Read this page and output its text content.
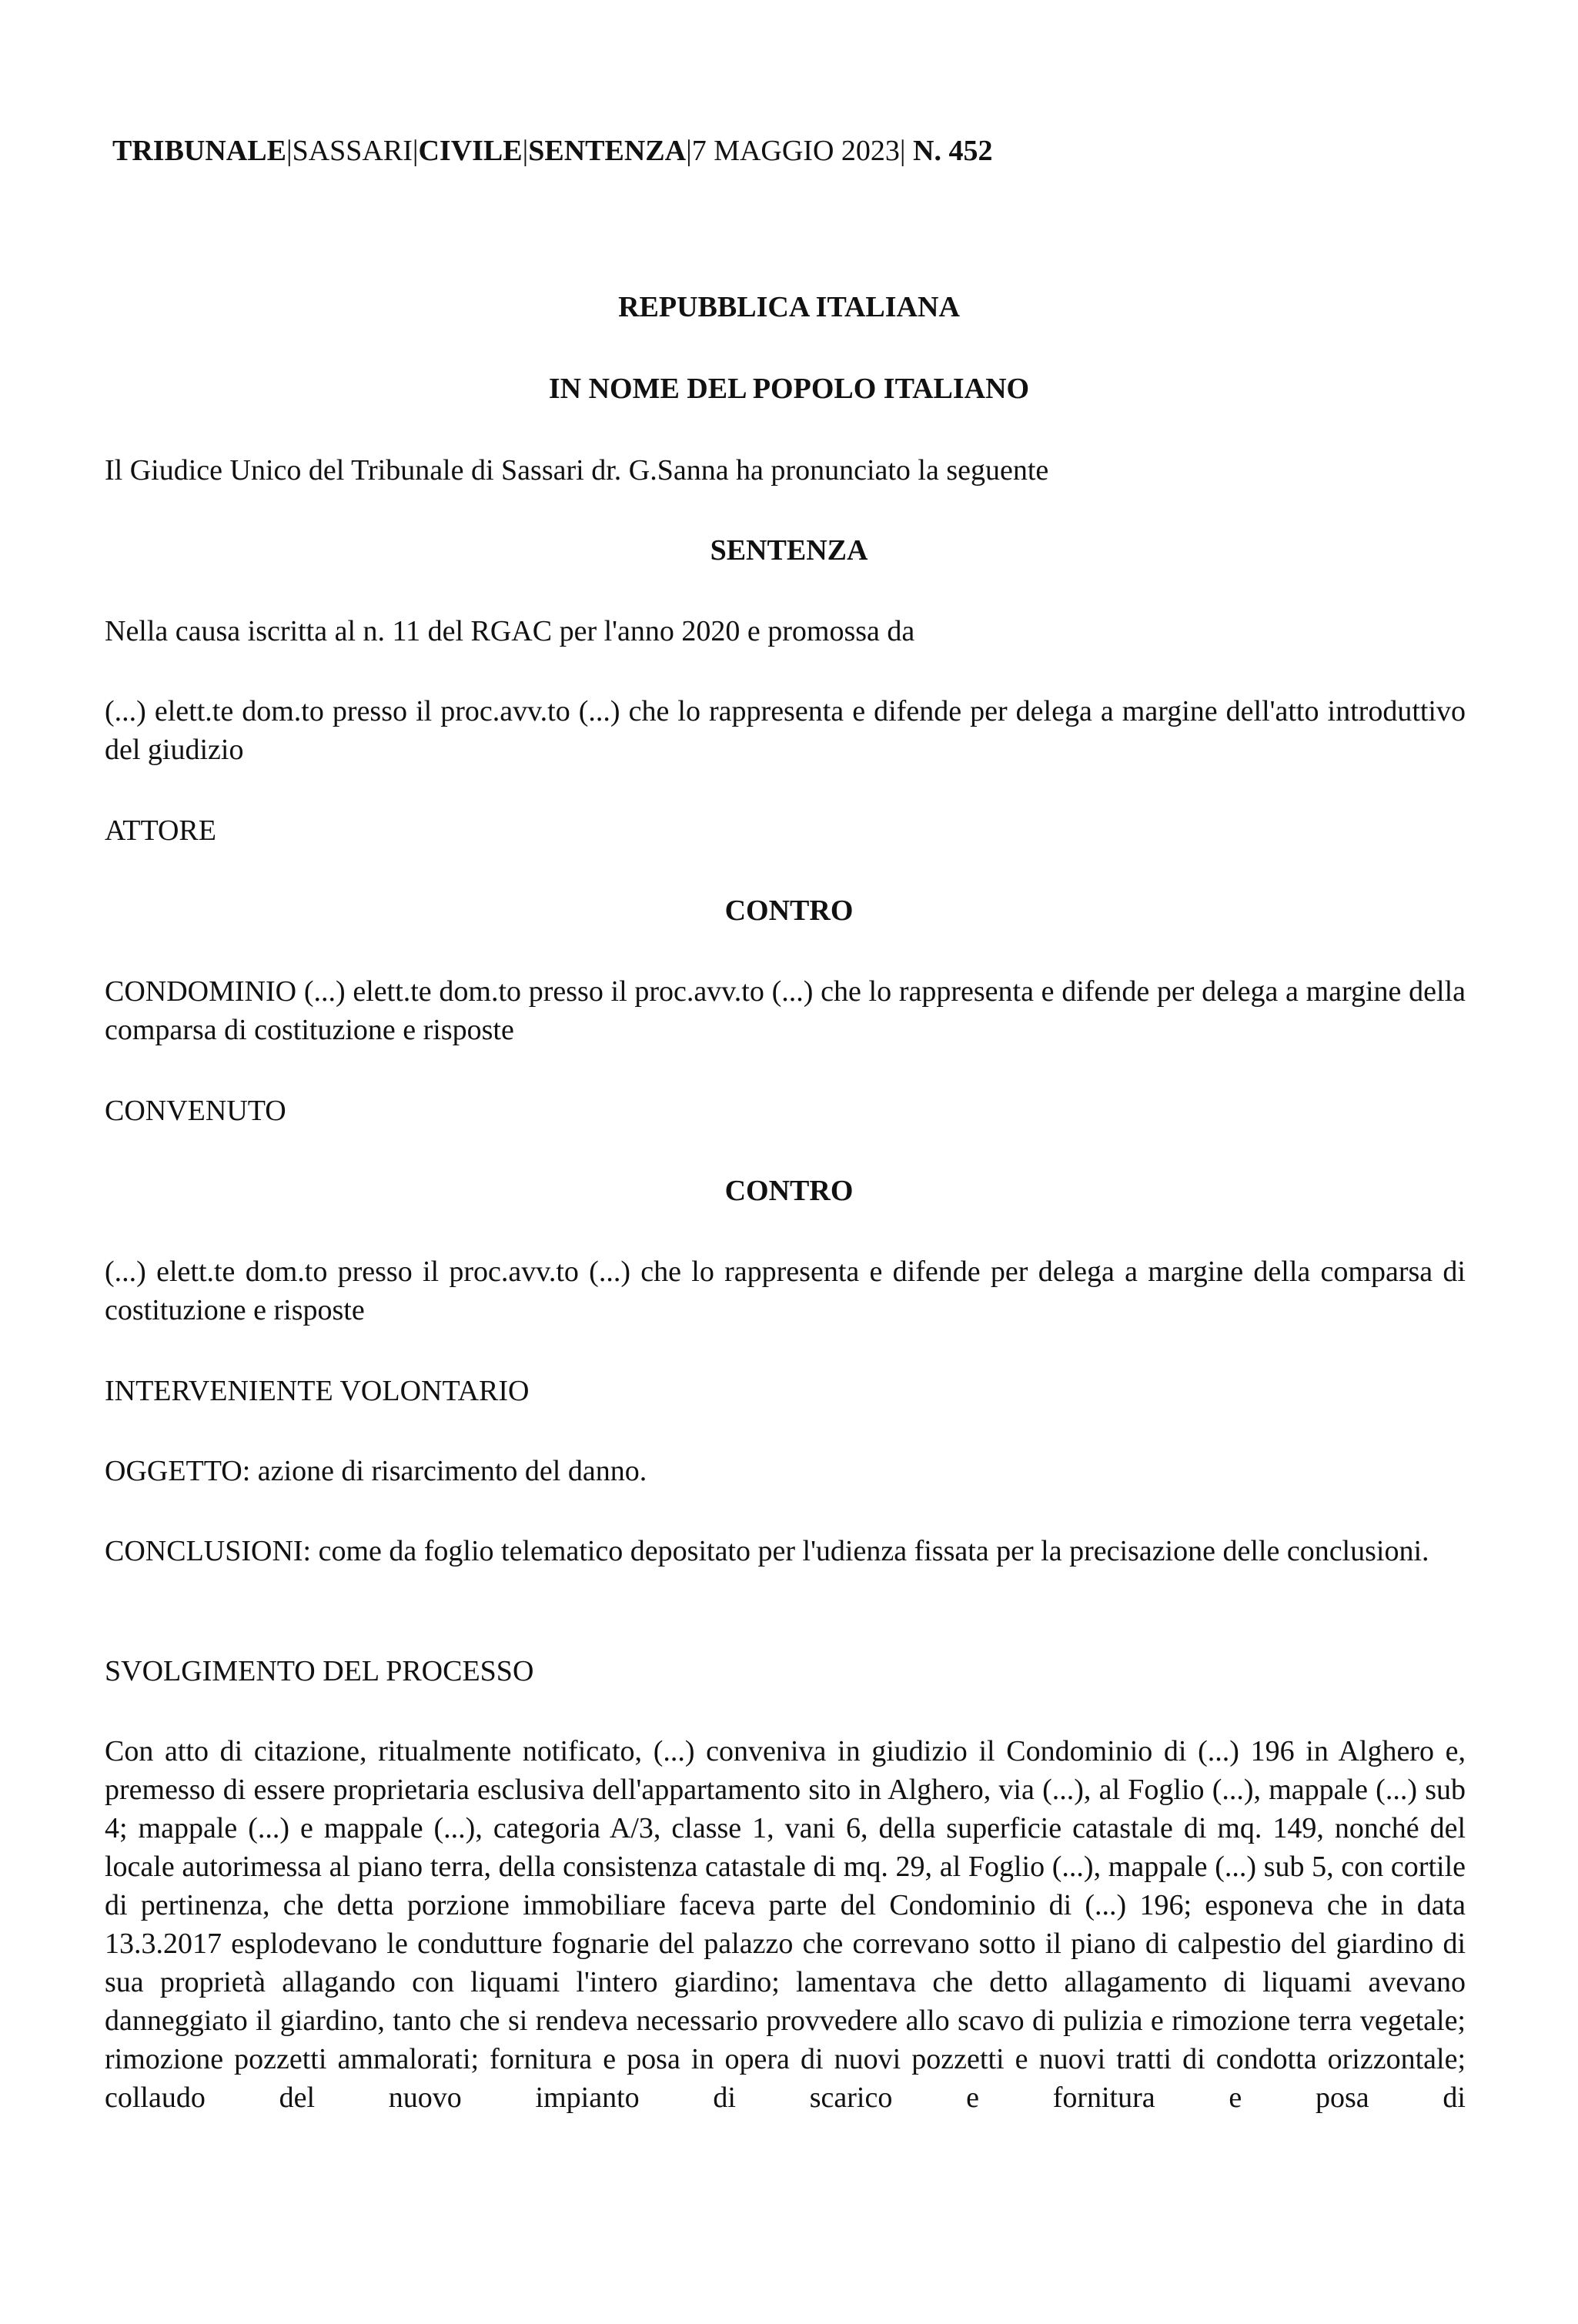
TRIBUNALE|SASSARI|CIVILE|SENTENZA|7 MAGGIO 2023| N. 452
REPUBBLICA ITALIANA
IN NOME DEL POPOLO ITALIANO
Il Giudice Unico del Tribunale di Sassari dr. G.Sanna ha pronunciato la seguente
SENTENZA
Nella causa iscritta al n. 11 del RGAC per l'anno 2020 e promossa da
(...) elett.te dom.to presso il proc.avv.to (...) che lo rappresenta e difende per delega a margine dell'atto introduttivo del giudizio
ATTORE
CONTRO
CONDOMINIO (...) elett.te dom.to presso il proc.avv.to (...) che lo rappresenta e difende per delega a margine della comparsa di costituzione e risposte
CONVENUTO
CONTRO
(...) elett.te dom.to presso il proc.avv.to (...) che lo rappresenta e difende per delega a margine della comparsa di costituzione e risposte
INTERVENIENTE VOLONTARIO
OGGETTO: azione di risarcimento del danno.
CONCLUSIONI: come da foglio telematico depositato per l'udienza fissata per la precisazione delle conclusioni.
SVOLGIMENTO DEL PROCESSO
Con atto di citazione, ritualmente notificato, (...) conveniva in giudizio il Condominio di (...) 196 in Alghero e, premesso di essere proprietaria esclusiva dell'appartamento sito in Alghero, via (...), al Foglio (...), mappale (...) sub 4; mappale (...) e mappale (...), categoria A/3, classe 1, vani 6, della superficie catastale di mq. 149, nonché del locale autorimessa al piano terra, della consistenza catastale di mq. 29, al Foglio (...), mappale (...) sub 5, con cortile di pertinenza, che detta porzione immobiliare faceva parte del Condominio di (...) 196; esponeva che in data 13.3.2017 esplodevano le condutture fognarie del palazzo che correvano sotto il piano di calpestio del giardino di sua proprietà allagando con liquami l'intero giardino; lamentava che detto allagamento di liquami avevano danneggiato il giardino, tanto che si rendeva necessario provvedere allo scavo di pulizia e rimozione terra vegetale; rimozione pozzetti ammalorati; fornitura e posa in opera di nuovi pozzetti e nuovi tratti di condotta orizzontale; collaudo del nuovo impianto di scarico e fornitura e posa di
